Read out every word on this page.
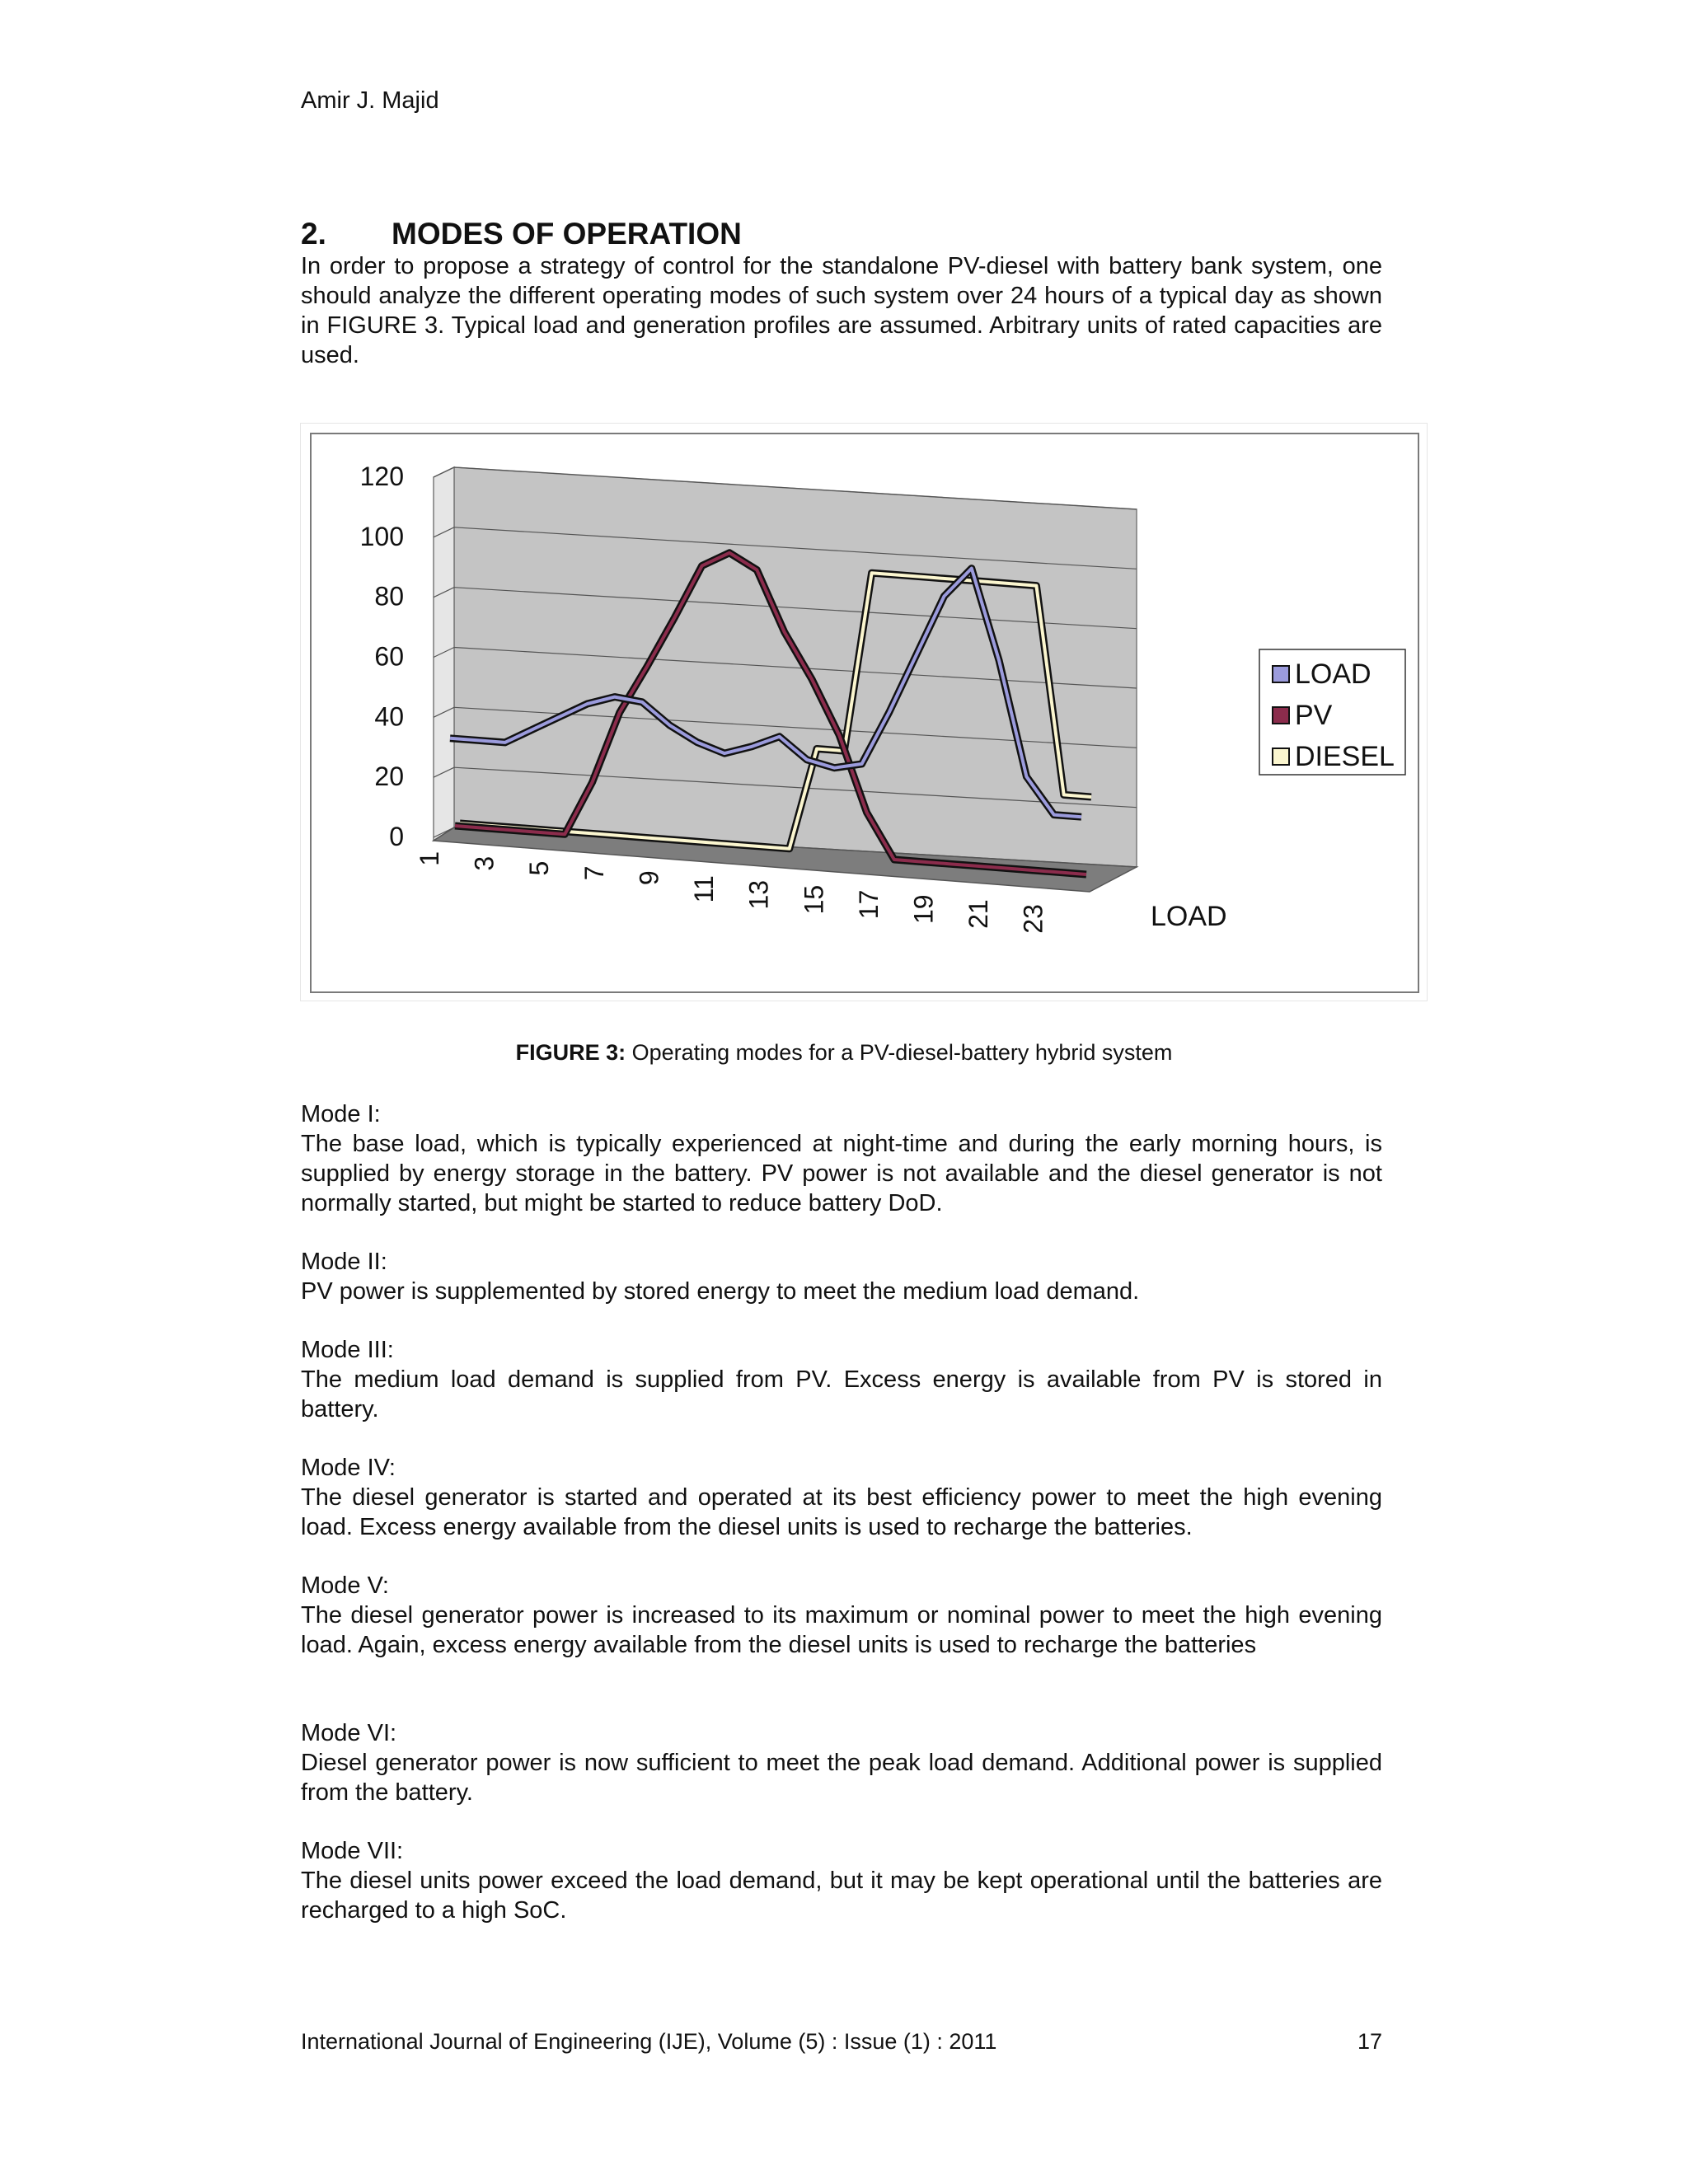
Amir J. Majid
2. MODES OF OPERATION

In order to propose a strategy of control for the standalone PV-diesel with battery bank system, one should analyze the different operating modes of such system over 24 hours of a typical day as shown in FIGURE 3. Typical load and generation profiles are assumed. Arbitrary units of rated capacities are used.

0
20
40
60
80
100
120
1 3 5 7 9 11 13 15 17 19 21 23	LOAD
LOAD
PV
DIESEL
FIGURE 3: Operating modes for a PV-diesel-battery hybrid system
Mode I:

The base load, which is typically experienced at night-time and during the early morning hours, is supplied by energy storage in the battery. PV power is not available and the diesel generator is not normally started, but might be started to reduce battery DoD.

Mode II:

PV power is supplemented by stored energy to meet the medium load demand.

Mode III:

The medium load demand is supplied from PV. Excess energy is available from PV is stored in battery.

Mode IV:

The diesel generator is started and operated at its best efficiency power to meet the high evening load. Excess energy available from the diesel units is used to recharge the batteries.

Mode V:

The diesel generator power is increased to its maximum or nominal power to meet the high evening load. Again, excess energy available from the diesel units is used to recharge the batteries

Mode VI:

Diesel generator power is now sufficient to meet the peak load demand. Additional power is supplied from the battery.

Mode VII:

The diesel units power exceed the load demand, but it may be kept operational until the batteries are recharged to a high SoC.

International Journal of Engineering (IJE), Volume (5) : Issue (1) : 2011	17
